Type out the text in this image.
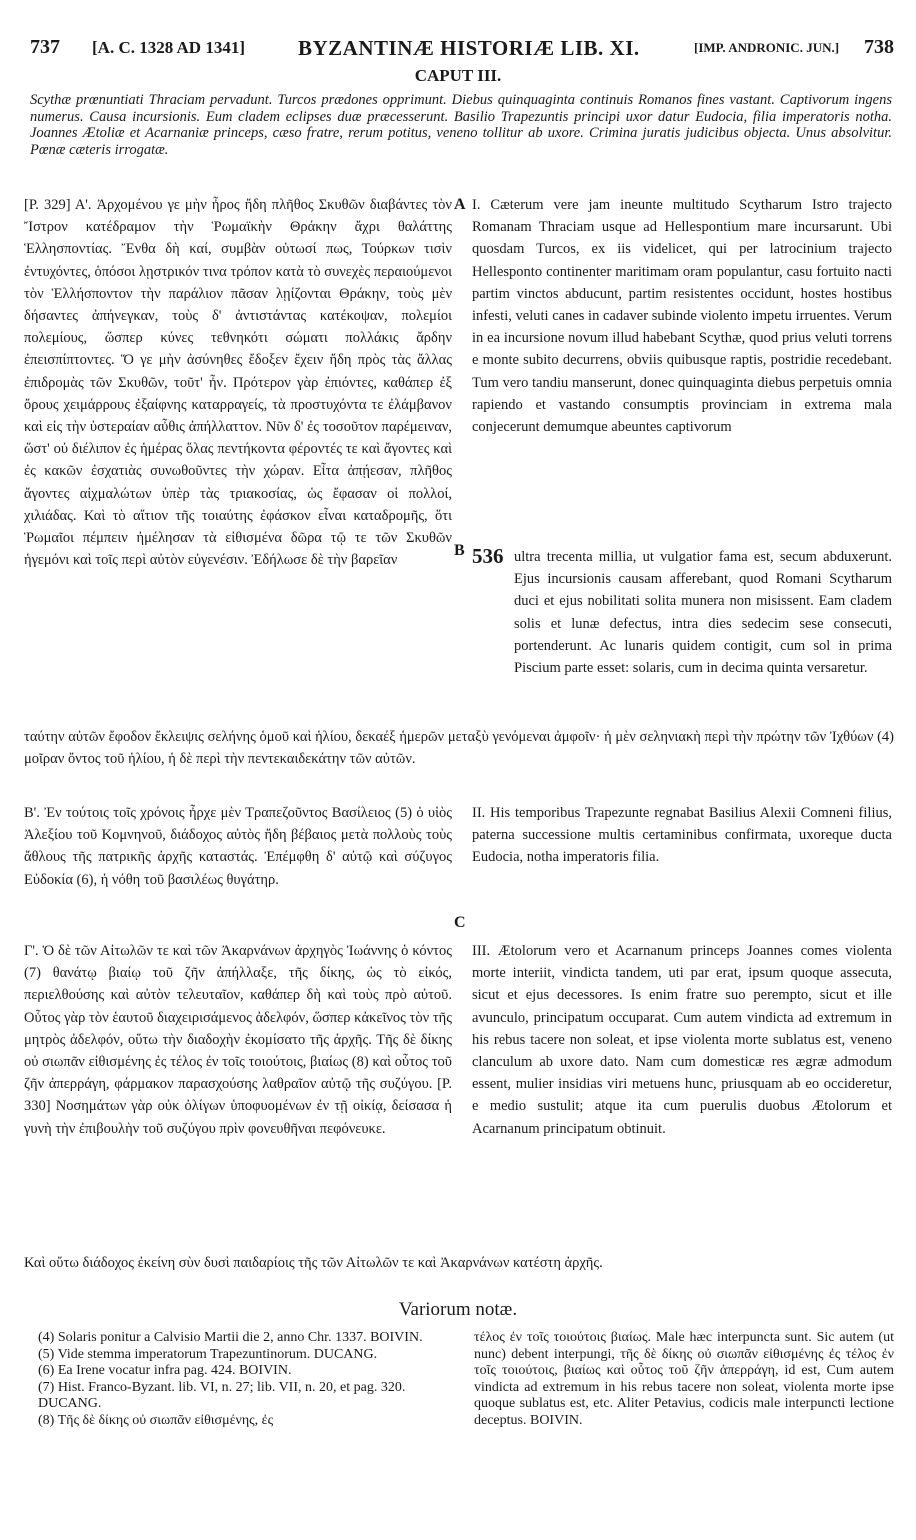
737 [A. C. 1328 AD 1341]	BYZANTINÆ HISTORIÆ LIB. XI.	[IMP. ANDRONIC. JUN.] 738
CAPUT III.
Scythæ prœnuntiati Thraciam pervadunt. Turcos prædones opprimunt. Diebus quinquaginta continuis Romanos fines vastant. Captivorum ingens numerus. Causa incursionis. Eum cladem eclipses duæ præcesserunt. Basilio Trapezuntis principi uxor datur Eudocia, filia imperatoris notha. Joannes Ætoliæ et Acarnaniæ princeps, cæso fratre, rerum potitus, veneno tollitur ab uxore. Crimina juratis judicibus objecta. Unus absolvitur. Pœnæ cæteris irrogatæ.

[P. 329] A'. Ἀρχομένου γε μὴν ἦρος ἤδη πλῆθος Σκυθῶν διαβάντες τὸν Ἴστρον κατέδραμον τὴν Ῥωμαϊκὴν Θράκην ἄχρι θαλάττης Ἑλλησποντίας. Ἔνθα δὴ καί, συμβὰν οὑτωσί πως, Τούρκων τισὶν ἐντυχόντες, ὁπόσοι λῃστρικόν τινα τρόπον κατὰ τὸ συνεχὲς περαιούμενοι τὸν Ἑλλήσποντον τὴν παράλιον πᾶσαν λῃίζονται Θράκην, τοὺς μὲν δήσαντες ἀπήνεγκαν, τοὺς δ' ἀντιστάντας κατέκοψαν, πολεμίοι πολεμίους, ὥσπερ κύνες τεθνηκότι σώματι πολλάκις ἄρδην ἐπεισπίπτοντες. Ὅ γε μὴν ἀσύνηθες ἔδοξεν ἔχειν ἤδη πρὸς τὰς ἄλλας ἐπιδρομὰς τῶν Σκυθῶν, τοῦτ' ἦν. Πρότερον γὰρ ἐπιόντες, καθάπερ ἐξ ὄρους χειμάρρους ἐξαίφνης καταρραγείς, τὰ προστυχόντα τε ἐλάμβανον καὶ εἰς τὴν ὑστεραίαν αὖθις ἀπήλλαττον. Νῦν δ' ἐς τοσοῦτον παρέμειναν, ὥστ' οὐ διέλιπον ἐς ἡμέρας ὅλας πεντήκοντα φέροντές τε καὶ ἄγοντες καὶ ἐς κακῶν ἐσχατιὰς συνωθοῦντες τὴν χώραν. Εἶτα ἀπῄεσαν, πλῆθος ἄγοντες αἰχμαλώτων ὑπὲρ τὰς τριακοσίας, ὡς ἔφασαν οἱ πολλοί, χιλιάδας. Καὶ τὸ αἴτιον τῆς τοιαύτης ἐφάσκον εἶναι καταδρομῆς, ὅτι Ῥωμαῖοι πέμπειν ἠμέλησαν τὰ εἰθισμένα δῶρα τῷ τε τῶν Σκυθῶν ἡγεμόνι καὶ τοῖς περὶ αὐτὸν εὐγενέσιν. Ἐδήλωσε δὲ τὴν βαρεῖαν

A
B
C

I. Cæterum vere jam ineunte multitudo Scytharum Istro trajecto Romanam Thraciam usque ad Hellespontium mare incursarunt. Ubi quosdam Turcos, ex iis videlicet, qui per latrocinium trajecto Hellesponto continenter maritimam oram populantur, casu fortuito nacti partim vinctos abducunt, partim resistentes occidunt, hostes hostibus infesti, veluti canes in cadaver subinde violento impetu irruentes. Verum in ea incursione novum illud habebant Scythæ, quod prius veluti torrens e monte subito decurrens, obviis quibusque raptis, postridie recedebant. Tum vero tandiu manserunt, donec quinquaginta diebus perpetuis omnia rapiendo et vastando consumptis provinciam in extrema mala conjecerunt demumque abeuntes captivorum

536 ultra trecenta millia, ut vulgatior fama est, secum abduxerunt. Ejus incursionis causam afferebant, quod Romani Scytharum duci et ejus nobilitati solita munera non misissent. Eam cladem solis et lunæ defectus, intra dies sedecim sese consecuti, portenderunt. Ac lunaris quidem contigit, cum sol in prima Piscium parte esset: solaris, cum in decima quinta versaretur.

ταύτην αὐτῶν ἔφοδον ἔκλειψις σελήνης ὁμοῦ καὶ ἡλίου, δεκαέξ ἡμερῶν μεταξὺ γενόμεναι ἀμφοῖν· ἡ μὲν σεληνιακὴ περὶ τὴν πρώτην τῶν Ἰχθύων (4) μοῖραν ὄντος τοῦ ἡλίου, ἡ δὲ περὶ τὴν πεντεκαιδεκάτην τῶν αὐτῶν.
B'. Ἐν τούτοις τοῖς χρόνοις ἦρχε μὲν Τραπεζοῦντος Βασίλειος (5) ὁ υἱὸς Ἀλεξίου τοῦ Κομνηνοῦ, διάδοχος αὐτὸς ἤδη βέβαιος μετὰ πολλοὺς τοὺς ἄθλους τῆς πατρικῆς ἀρχῆς καταστάς. Ἐπέμφθη δ' αὐτῷ καὶ σύζυγος Εὐδοκία (6), ἡ νόθη τοῦ βασιλέως θυγάτηρ.
II. His temporibus Trapezunte regnabat Basilius Alexii Comneni filius, paterna successione multis certaminibus confirmata, uxoreque ducta Eudocia, notha imperatoris filia.
Γ'. Ὁ δὲ τῶν Αἰτωλῶν τε καὶ τῶν Ἀκαρνάνων ἀρχηγὸς Ἰωάννης ὁ κόντος (7) θανάτῳ βιαίῳ τοῦ ζῆν ἀπήλλαξε, τῆς δίκης, ὡς τὸ εἰκός, περιελθούσης καὶ αὐτὸν τελευταῖον, καθάπερ δὴ καὶ τοὺς πρὸ αὐτοῦ. Οὗτος γὰρ τὸν ἑαυτοῦ διαχειρισάμενος ἀδελφόν, ὥσπερ κἀκεῖνος τὸν τῆς μητρὸς ἀδελφόν, οὕτω τὴν διαδοχὴν ἐκομίσατο τῆς ἀρχῆς. Τῆς δὲ δίκης οὐ σιωπᾶν εἰθισμένης ἐς τέλος ἐν τοῖς τοιούτοις, βιαίως (8) καὶ οὗτος τοῦ ζῆν ἀπερράγη, φάρμακον παρασχούσης λαθραῖον αὐτῷ τῆς συζύγου. [P. 330] Νοσημάτων γὰρ οὐκ ὀλίγων ὑποφυομένων ἐν τῇ οἰκίᾳ, δείσασα ἡ γυνὴ τὴν ἐπιβουλὴν τοῦ συζύγου πρὶν φονευθῆναι πεφόνευκε.
III. Ætolorum vero et Acarnanum princeps Joannes comes violenta morte interiit, vindicta tandem, uti par erat, ipsum quoque assecuta, sicut et ejus decessores. Is enim fratre suo perempto, sicut et ille avunculo, principatum occuparat. Cum autem vindicta ad extremum in his rebus tacere non soleat, et ipse violenta morte sublatus est, veneno clanculum ab uxore dato. Nam cum domesticæ res ægræ admodum essent, mulier insidias viri metuens hunc, priusquam ab eo occideretur, e medio sustulit; atque ita cum puerulis duobus Ætolorum et Acarnanum principatum obtinuit.
Καὶ οὕτω διάδοχος ἐκείνη σὺν δυσὶ παιδαρίοις τῆς τῶν Αἰτωλῶν τε καὶ Ἀκαρνάνων κατέστη ἀρχῆς.
Variorum notæ.
(4) Solaris ponitur a Calvisio Martii die 2, anno Chr. 1337. BOIVIN.
(5) Vide stemma imperatorum Trapezuntinorum. DUCANG.
(6) Ea Irene vocatur infra pag. 424. BOIVIN.
(7) Hist. Franco-Byzant. lib. VI, n. 27; lib. VII, n. 20, et pag. 320. DUCANG.
(8) Τῆς δὲ δίκης οὐ σιωπᾶν εἰθισμένης, ἐς
τέλος ἐν τοῖς τοιούτοις βιαίως. Male hæc interpuncta sunt. Sic autem (ut nunc) debent interpungi, τῆς δὲ δίκης οὐ σιωπᾶν εἰθισμένης ἐς τέλος ἐν τοῖς τοιούτοις, βιαίως καὶ οὗτος τοῦ ζῆν ἀπερράγη, id est, Cum autem vindicta ad extremum in his rebus tacere non soleat, violenta morte ipse quoque sublatus est, etc. Aliter Petavius, codicis male interpuncti lectione deceptus. BOIVIN.
